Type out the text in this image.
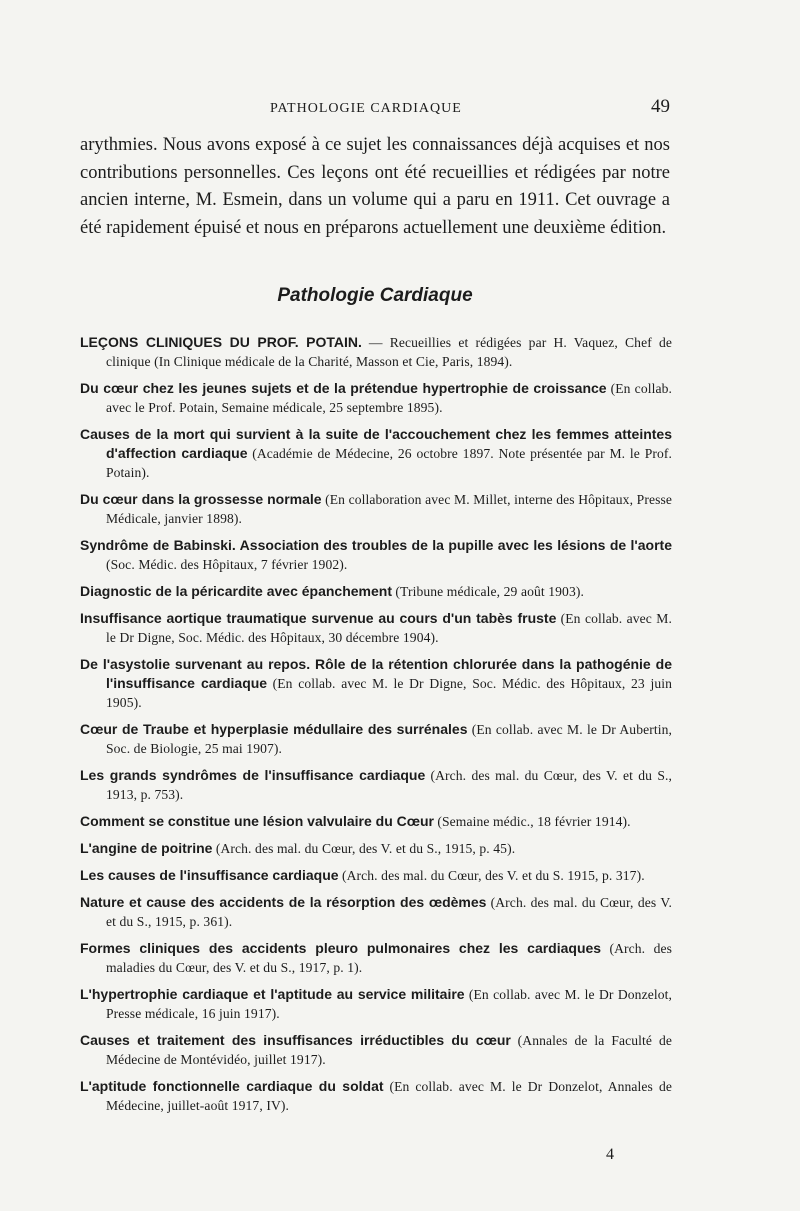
PATHOLOGIE CARDIAQUE	49

arythmies. Nous avons exposé à ce sujet les connaissances déjà acquises et nos contributions personnelles. Ces leçons ont été recueillies et rédigées par notre ancien interne, M. Esmein, dans un volume qui a paru en 1911. Cet ouvrage a été rapidement épuisé et nous en préparons actuellement une deuxième édition.

Pathologie Cardiaque
LEÇONS CLINIQUES DU PROF. POTAIN. — Recueillies et rédigées par H. Vaquez, Chef de clinique (In Clinique médicale de la Charité, Masson et Cie, Paris, 1894).
Du cœur chez les jeunes sujets et de la prétendue hypertrophie de croissance (En collab. avec le Prof. Potain, Semaine médicale, 25 septembre 1895).
Causes de la mort qui survient à la suite de l'accouchement chez les femmes atteintes d'affection cardiaque (Académie de Médecine, 26 octobre 1897. Note présentée par M. le Prof. Potain).
Du cœur dans la grossesse normale (En collaboration avec M. Millet, interne des Hôpitaux, Presse Médicale, janvier 1898).
Syndrôme de Babinski. Association des troubles de la pupille avec les lésions de l'aorte (Soc. Médic. des Hôpitaux, 7 février 1902).
Diagnostic de la péricardite avec épanchement (Tribune médicale, 29 août 1903).
Insuffisance aortique traumatique survenue au cours d'un tabès fruste (En collab. avec M. le Dr Digne, Soc. Médic. des Hôpitaux, 30 décembre 1904).
De l'asystolie survenant au repos. Rôle de la rétention chlorurée dans la pathogénie de l'insuffisance cardiaque (En collab. avec M. le Dr Digne, Soc. Médic. des Hôpitaux, 23 juin 1905).
Cœur de Traube et hyperplasie médullaire des surrénales (En collab. avec M. le Dr Aubertin, Soc. de Biologie, 25 mai 1907).
Les grands syndrômes de l'insuffisance cardiaque (Arch. des mal. du Cœur, des V. et du S., 1913, p. 753).
Comment se constitue une lésion valvulaire du Cœur (Semaine médic., 18 février 1914).
L'angine de poitrine (Arch. des mal. du Cœur, des V. et du S., 1915, p. 45).
Les causes de l'insuffisance cardiaque (Arch. des mal. du Cœur, des V. et du S. 1915, p. 317).
Nature et cause des accidents de la résorption des œdèmes (Arch. des mal. du Cœur, des V. et du S., 1915, p. 361).
Formes cliniques des accidents pleuro pulmonaires chez les cardiaques (Arch. des maladies du Cœur, des V. et du S., 1917, p. 1).
L'hypertrophie cardiaque et l'aptitude au service militaire (En collab. avec M. le Dr Donzelot, Presse médicale, 16 juin 1917).
Causes et traitement des insuffisances irréductibles du cœur (Annales de la Faculté de Médecine de Montévidéo, juillet 1917).
L'aptitude fonctionnelle cardiaque du soldat (En collab. avec M. le Dr Donzelot, Annales de Médecine, juillet-août 1917, IV).
4
